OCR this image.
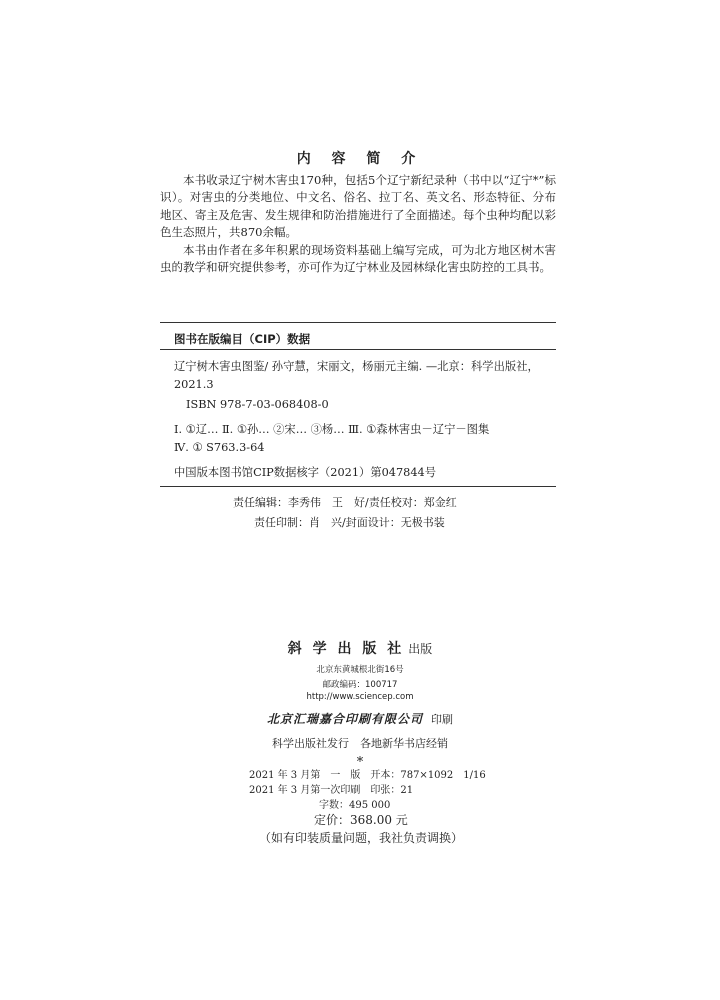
内 容 简 介

本书收录辽宁树木害虫170种，包括5个辽宁新纪录种（书中以“辽宁*”标识）。对害虫的分类地位、中文名、俗名、拉丁名、英文名、形态特征、分布地区、寄主及危害、发生规律和防治措施进行了全面描述。每个虫种均配以彩色生态照片，共870余幅。

本书由作者在多年积累的现场资料基础上编写完成，可为北方地区树木害虫的教学和研究提供参考，亦可作为辽宁林业及园林绿化害虫防控的工具书。

图书在版编目（CIP）数据
辽宁树木害虫图鉴/ 孙守慧，宋丽文，杨丽元主编. —北京：科学出版社，
2021.3
ISBN 978-7-03-068408-0
Ⅰ. ①辽… Ⅱ. ①孙… ②宋… ③杨… Ⅲ. ①森林害虫－辽宁－图集
Ⅳ. ① S763.3-64
中国版本图书馆CIP数据核字（2021）第047844号
责任编辑：李秀伟　王　好/责任校对：郑金红
责任印制：肖　兴/封面设计：无极书装
斜 学 出 版 社 出版
北京东黄城根北街16号
邮政编码：100717
http://www.sciencep.com
北京汇瑞嘉合印刷有限公司 印刷
科学出版社发行　各地新华书店经销
*
2021 年 3 月第　一　版　开本：787×1092　1/16
2021 年 3 月第一次印刷　印张：21
字数：495 000
定价：368.00 元
（如有印装质量问题，我社负责调换）
